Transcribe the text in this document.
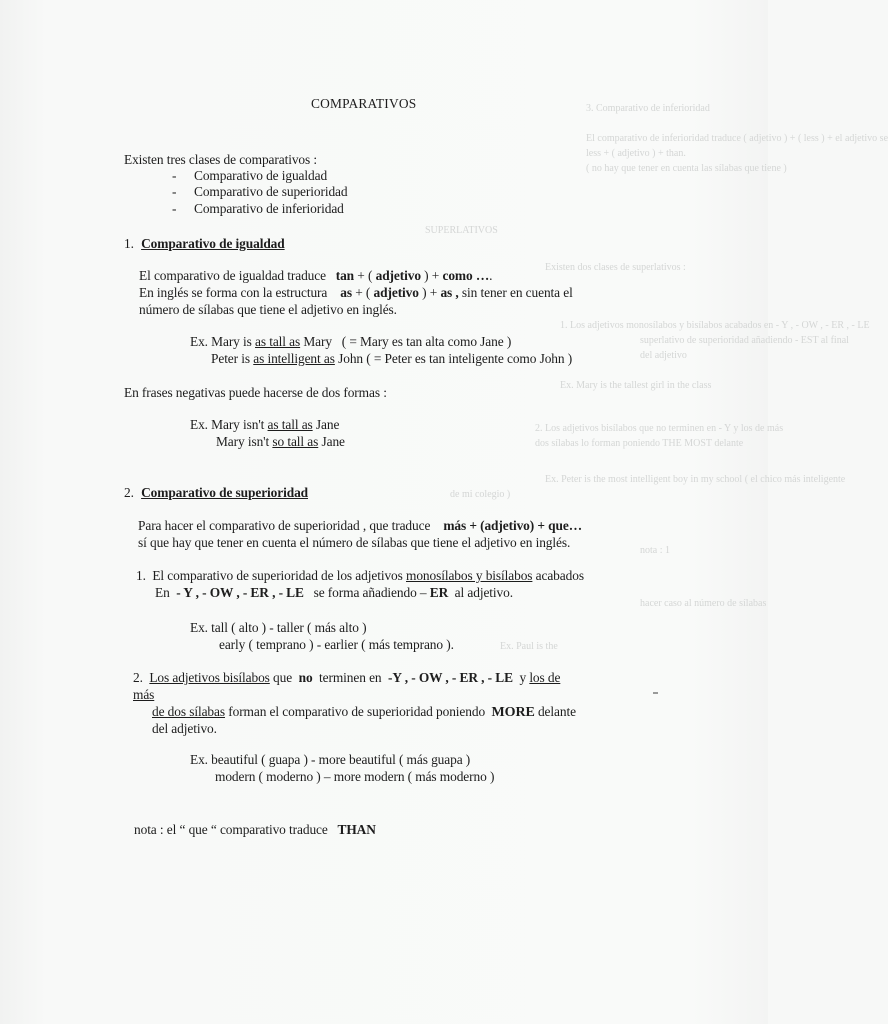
3. Comparativo de inferioridad
El comparativo de inferioridad traduce ( adjetivo ) + ( less ) + el adjetivo se
less + ( adjetivo ) + than.
( no hay que tener en cuenta las sílabas que tiene )
SUPERLATIVOS
Existen dos clases de superlativos :
1. Los adjetivos monosílabos y bisílabos acabados en - Y , - OW , - ER , - LE
superlativo de superioridad añadiendo - EST al final
del adjetivo
Ex. Mary is the tallest girl in the class
2. Los adjetivos bisílabos que no terminen en - Y y los de más
dos sílabas lo forman poniendo THE MOST delante
Ex. Peter is the most intelligent boy in my school ( el chico más inteligente
de mi colegio )
nota : 1
hacer caso al número de sílabas
Ex. Paul is the
COMPARATIVOS
Existen tres clases de comparativos :
- Comparativo de igualdad
- Comparativo de superioridad
- Comparativo de inferioridad
1. Comparativo de igualdad
El comparativo de igualdad traduce tan + ( adjetivo ) + como ….
En inglés se forma con la estructura as + ( adjetivo ) + as , sin tener en cuenta el
número de sílabas que tiene el adjetivo en inglés.
Ex. Mary is as tall as Mary ( = Mary es tan alta como Jane )
Peter is as intelligent as John ( = Peter es tan inteligente como John )
En frases negativas puede hacerse de dos formas :
Ex. Mary isn't as tall as Jane
Mary isn't so tall as Jane
2. Comparativo de superioridad
Para hacer el comparativo de superioridad , que traduce más + (adjetivo) + que…
sí que hay que tener en cuenta el número de sílabas que tiene el adjetivo en inglés.
1. El comparativo de superioridad de los adjetivos monosílabos y bisílabos acabados
En - Y , - OW , - ER , - LE se forma añadiendo – ER al adjetivo.
Ex. tall ( alto ) - taller ( más alto )
early ( temprano ) - earlier ( más temprano ).
2. Los adjetivos bisílabos que no terminen en -Y , - OW , - ER , - LE y los de
más
de dos sílabas forman el comparativo de superioridad poniendo MORE delante
del adjetivo.
Ex. beautiful ( guapa ) - more beautiful ( más guapa )
modern ( moderno ) – more modern ( más moderno )
nota : el “ que “ comparativo traduce THAN
